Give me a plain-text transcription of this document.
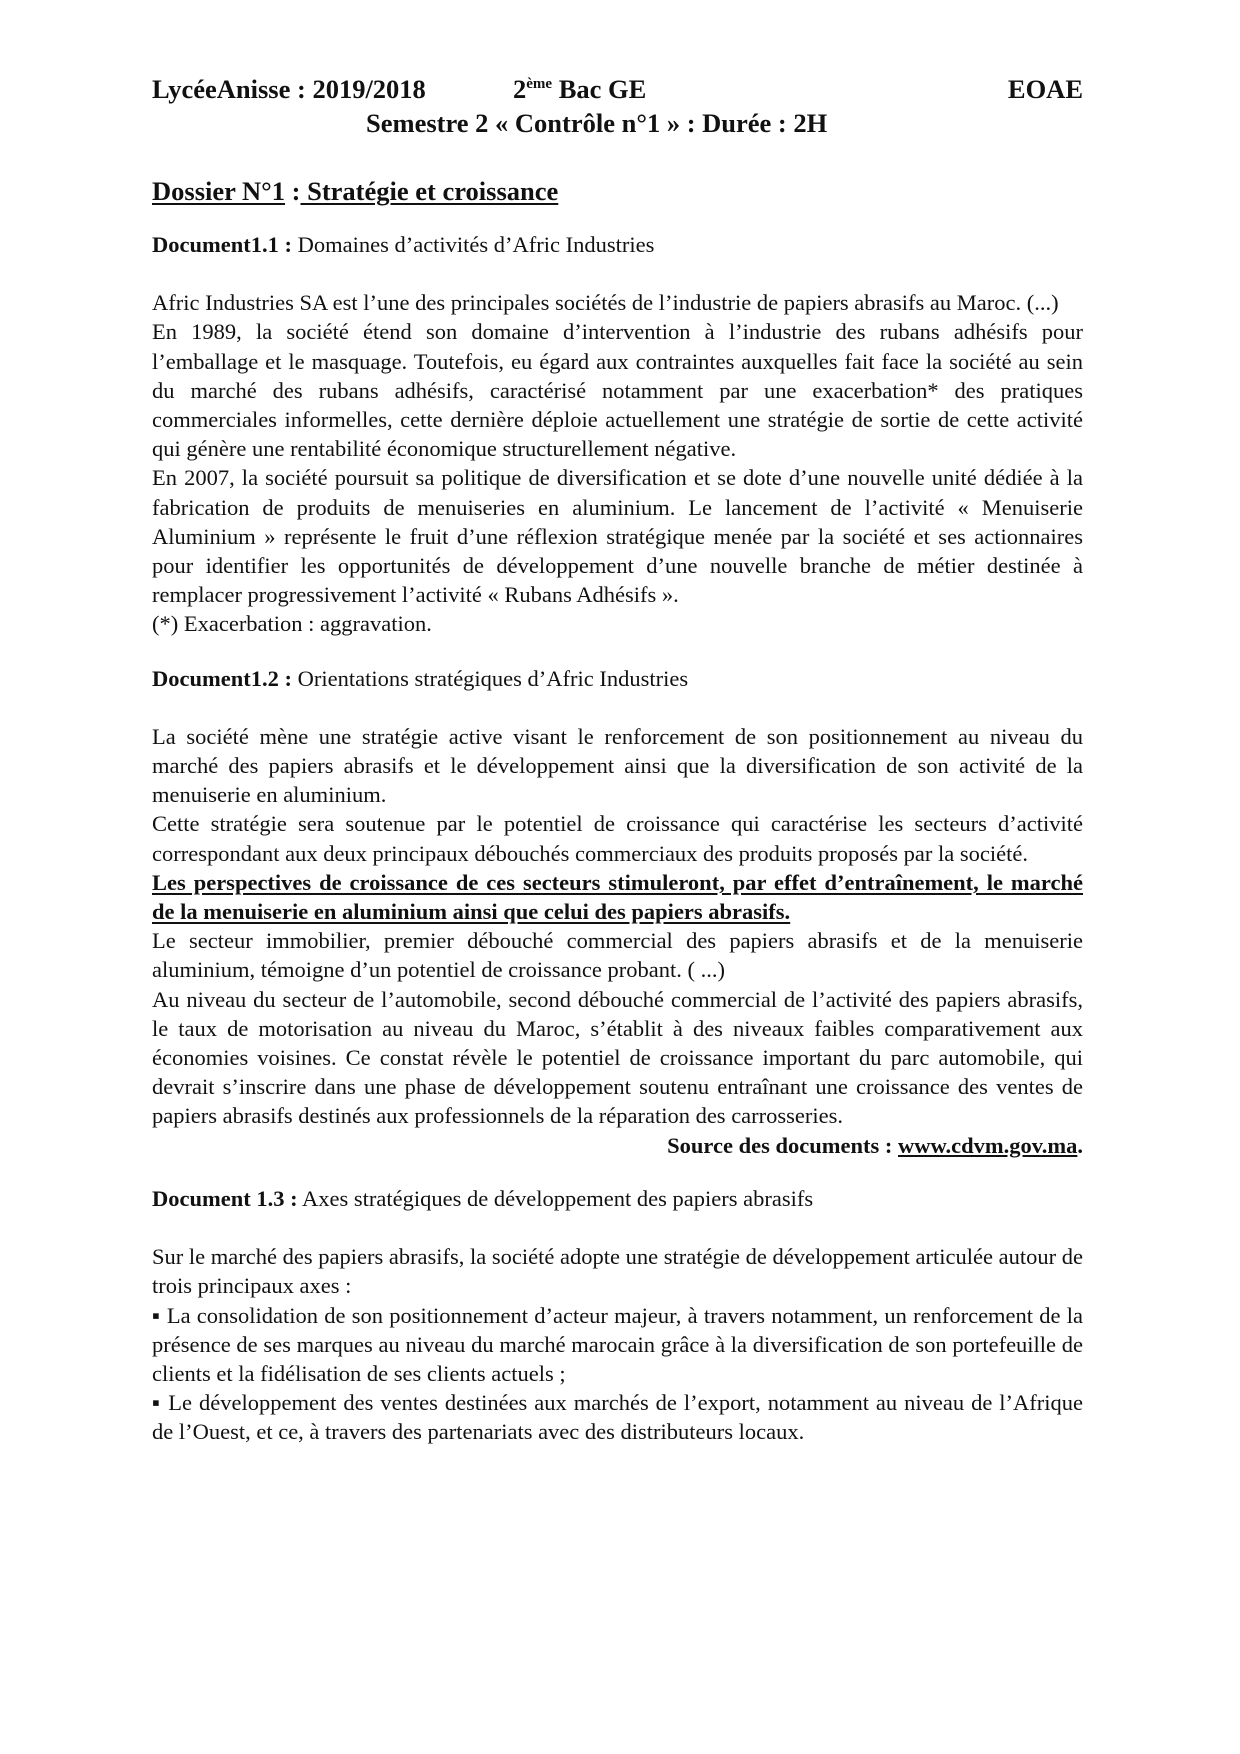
LycéeAnisse : 2019/2018	2ème Bac GE	EOAE
Semestre 2 « Contrôle n°1 » : Durée : 2H
Dossier N°1 : Stratégie et croissance
Document1.1 : Domaines d’activités d’Afric Industries

Afric Industries SA est l’une des principales sociétés de l’industrie de papiers abrasifs au Maroc. (...)

En 1989, la société étend son domaine d’intervention à l’industrie des rubans adhésifs pour l’emballage et le masquage. Toutefois, eu égard aux contraintes auxquelles fait face la société au sein du marché des rubans adhésifs, caractérisé notamment par une exacerbation* des pratiques commerciales informelles, cette dernière déploie actuellement une stratégie de sortie de cette activité qui génère une rentabilité économique structurellement négative.

En 2007, la société poursuit sa politique de diversification et se dote d’une nouvelle unité dédiée à la fabrication de produits de menuiseries en aluminium. Le lancement de l’activité « Menuiserie Aluminium » représente le fruit d’une réflexion stratégique menée par la société et ses actionnaires pour identifier les opportunités de développement d’une nouvelle branche de métier destinée à remplacer progressivement l’activité « Rubans Adhésifs ».

(*) Exacerbation : aggravation.

Document1.2 : Orientations stratégiques d’Afric Industries

La société mène une stratégie active visant le renforcement de son positionnement au niveau du marché des papiers abrasifs et le développement ainsi que la diversification de son activité de la menuiserie en aluminium.

Cette stratégie sera soutenue par le potentiel de croissance qui caractérise les secteurs d’activité correspondant aux deux principaux débouchés commerciaux des produits proposés par la société.

Les perspectives de croissance de ces secteurs stimuleront, par effet d’entraînement, le marché de la menuiserie en aluminium ainsi que celui des papiers abrasifs.

Le secteur immobilier, premier débouché commercial des papiers abrasifs et de la menuiserie aluminium, témoigne d’un potentiel de croissance probant. ( ...)

Au niveau du secteur de l’automobile, second débouché commercial de l’activité des papiers abrasifs, le taux de motorisation au niveau du Maroc, s’établit à des niveaux faibles comparativement aux économies voisines. Ce constat révèle le potentiel de croissance important du parc automobile, qui devrait s’inscrire dans une phase de développement soutenu entraînant une croissance des ventes de papiers abrasifs destinés aux professionnels de la réparation des carrosseries.

Source des documents : www.cdvm.gov.ma.

Document 1.3 : Axes stratégiques de développement des papiers abrasifs

Sur le marché des papiers abrasifs, la société adopte une stratégie de développement articulée autour de trois principaux axes :

▪ La consolidation de son positionnement d’acteur majeur, à travers notamment, un renforcement de la présence de ses marques au niveau du marché marocain grâce à la diversification de son portefeuille de clients et la fidélisation de ses clients actuels ;

▪ Le développement des ventes destinées aux marchés de l’export, notamment au niveau de l’Afrique de l’Ouest, et ce, à travers des partenariats avec des distributeurs locaux.
